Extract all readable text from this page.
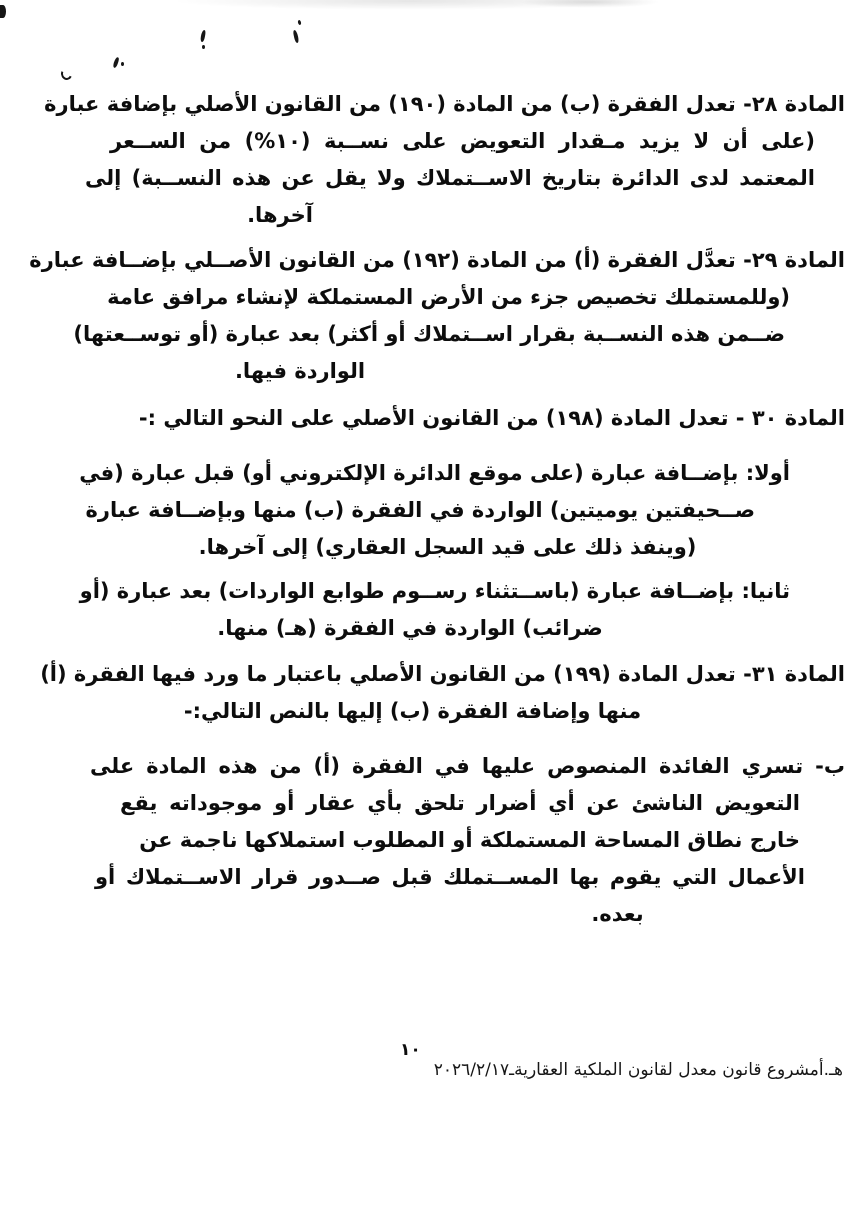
المادة ٢٨- تعدل الفقرة (ب) من المادة (١٩٠) من القانون الأصلي بإضافة عبارة
(على أن لا يزيد مـقدار التعويض على نســبة (١٠%) من الســعر
المعتمد لدى الدائرة بتاريخ الاســتملاك ولا يقل عن هذه النســبة) إلى
آخرها.
المادة ٢٩- تعدَّل الفقرة (أ) من المادة (١٩٢) من القانون الأصــلي بإضــافة عبارة
(وللمستملك تخصيص جزء من الأرض المستملكة لإنشاء مرافق عامة
ضــمن هذه النســبة بقرار اســتملاك أو أكثر) بعد عبارة (أو توســعتها)
الواردة فيها.
المادة ٣٠ - تعدل المادة (١٩٨) من القانون الأصلي على النحو التالي :-
أولا: بإضــافة عبارة (على موقع الدائرة الإلكتروني أو) قبل عبارة (في
صــحيفتين يوميتين) الواردة في الفقرة (ب) منها وبإضــافة عبارة
(وينفذ ذلك على قيد السجل العقاري) إلى آخرها.
ثانيا: بإضــافة عبارة (باســتثناء رســوم طوابع الواردات) بعد عبارة (أو
ضرائب) الواردة في الفقرة (هـ) منها.
المادة ٣١- تعدل المادة (١٩٩) من القانون الأصلي باعتبار ما ورد فيها الفقرة (أ)
منها وإضافة الفقرة (ب) إليها بالنص التالي:-
ب- تسري الفائدة المنصوص عليها في الفقرة (أ) من هذه المادة على
التعويض الناشئ عن أي أضرار تلحق بأي عقار أو موجوداته يقع
خارج نطاق المساحة المستملكة أو المطلوب استملاكها ناجمة عن
الأعمال التي يقوم بها المســتملك قبل صــدور قرار الاســتملاك أو
بعده.
١٠
هـ.أمشروع قانون معدل لقانون الملكية العقاريةـ٢٠٢٦/٢/١٧
